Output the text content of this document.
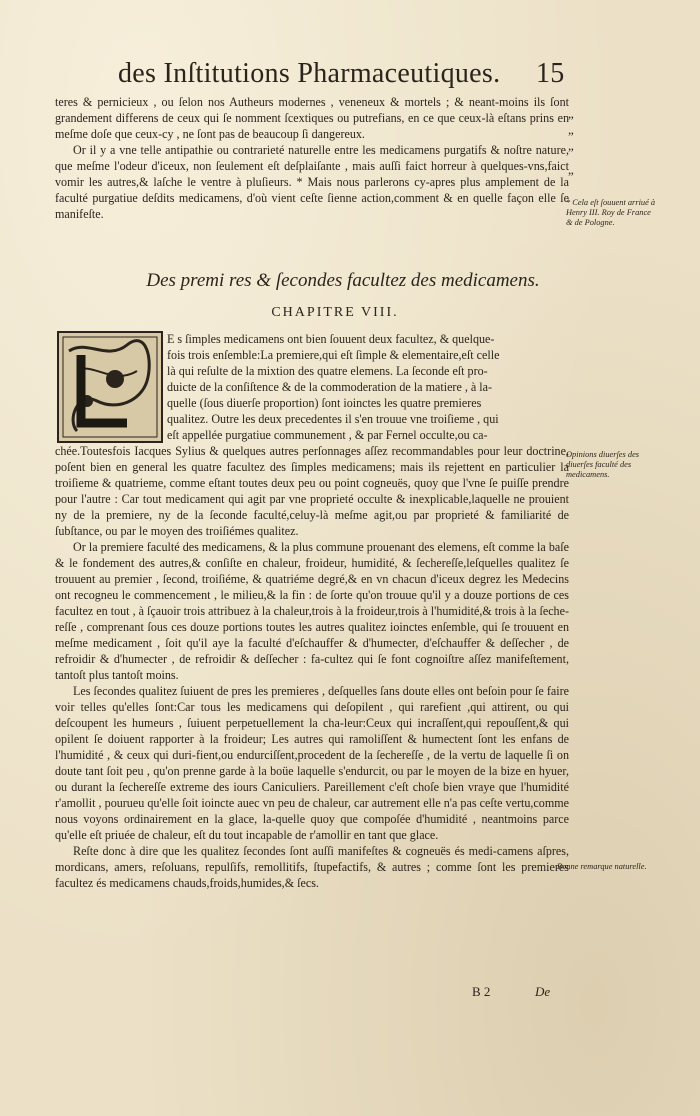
des Inſtitutions Pharmaceutiques. 15

teres & pernicieux , ou ſelon nos Autheurs modernes , veneneux & mortels ; & neant-moins ils ſont grandement differens de ceux qui ſe nomment ſcextiques ou putrefians, en ce que ceux-là eſtans prins en meſme doſe que ceux-cy , ne ſont pas de beaucoup ſi dangereux.

Or il y a vne telle antipathie ou contrarieté naturelle entre les medicamens purgatifs & noſtre nature, que meſme l'odeur d'iceux, non ſeulement eſt deſplaiſante , mais auſſi faict horreur à quelques-vns,faict vomir les autres,& laſche le ventre à pluſieurs. * Mais nous parlerons cy-apres plus amplement de la faculté purgatiue deſdits medicamens, d'où vient ceſte ſienne action,comment & en quelle façon elle ſe manifeſte.

„
„
„
„
* Cela eſt ſouuent arriué à Henry III. Roy de France & de Pologne.
Des premi res & ſecondes facultez des medicamens.
CHAPITRE VIII.
E s ſimples medicamens ont bien ſouuent deux facultez, & quelque-
fois trois enſemble:La premiere,qui eſt ſimple & elementaire,eſt celle
là qui reſulte de la mixtion des quatre elemens. La ſeconde eſt pro-
duicte de la conſiſtence & de la commoderation de la matiere , à la-
quelle (ſous diuerſe proportion) ſont ioinctes les quatre premieres
qualitez. Outre les deux precedentes il s'en trouue vne troiſieme , qui
eſt appellée purgatiue communement , & par Fernel occulte,ou ca-

chée.Toutesfois Iacques Sylius & quelques autres perſonnages aſſez recommandables pour leur doctrine, poſent bien en general les quatre facultez des ſimples medicamens; mais ils rejettent en particulier la troiſieme & quatrieme, comme eſtant toutes deux peu ou point cogneuës, quoy que l'vne ſe puiſſe prendre pour l'autre : Car tout medicament qui agit par vne proprieté occulte & inexplicable,laquelle ne prouient ny de la premiere, ny de la ſeconde faculté,celuy-là meſme agit,ou par proprieté & familiarité de ſubſtance, ou par le moyen des troiſiémes qualitez.

Or la premiere faculté des medicamens, & la plus commune prouenant des elemens, eſt comme la baſe & le fondement des autres,& conſiſte en chaleur, froideur, humidité, & ſechereſſe,leſquelles qualitez ſe trouuent au premier , ſecond, troiſiéme, & quatriéme degré,& en vn chacun d'iceux degrez les Medecins ont recogneu le commencement , le milieu,& la fin : de ſorte qu'on trouue qu'il y a douze portions de ces facultez en tout , à ſçauoir trois attribuez à la chaleur,trois à la froideur,trois à l'humidité,& trois à la ſeche-reſſe , comprenant ſous ces douze portions toutes les autres qualitez ioinctes enſemble, qui ſe trouuent en meſme medicament , ſoit qu'il aye la faculté d'eſchauffer & d'humecter, d'eſchauffer & deſſecher , de refroidir & d'humecter , de refroidir & deſſecher : fa-cultez qui ſe font cognoiſtre aſſez manifeſtement, tantoſt plus tantoſt moins.

Les ſecondes qualitez ſuiuent de pres les premieres , deſquelles ſans doute elles ont beſoin pour ſe faire voir telles qu'elles ſont:Car tous les medicamens qui deſopilent , qui rarefient ,qui attirent, ou qui deſcoupent les humeurs , ſuiuent perpetuellement la cha-leur:Ceux qui incraſſent,qui repouſſent,& qui opilent ſe doiuent rapporter à la froideur; Les autres qui ramoliſſent & humectent ſont les enfans de l'humidité , & ceux qui duri-fient,ou endurciſſent,procedent de la ſechereſſe , de la vertu de laquelle ſi on doute tant ſoit peu , qu'on prenne garde à la boüe laquelle s'endurcit, ou par le moyen de la bize en hyuer, ou durant la ſechereſſe extreme des iours Caniculiers. Pareillement c'eſt choſe bien vraye que l'humidité r'amollit , pourueu qu'elle ſoit ioincte auec vn peu de chaleur, car autrement elle n'a pas ceſte vertu,comme nous voyons ordinairement en la glace, la-quelle quoy que compoſée d'humidité , neantmoins parce qu'elle eſt priuée de chaleur, eſt du tout incapable de r'amollir en tant que glace.

Reſte donc à dire que les qualitez ſecondes ſont auſſi manifeſtes & cogneuës és medi-camens aſpres, mordicans, amers, reſoluans, repulſifs, remollitifs, ſtupefactifs, & autres ; comme ſont les premieres facultez és medicamens chauds,froids,humides,& ſecs.

Opinions diuerſes des diuerſes faculté des medicamens.
Bonne remarque naturelle.
B 2	De
